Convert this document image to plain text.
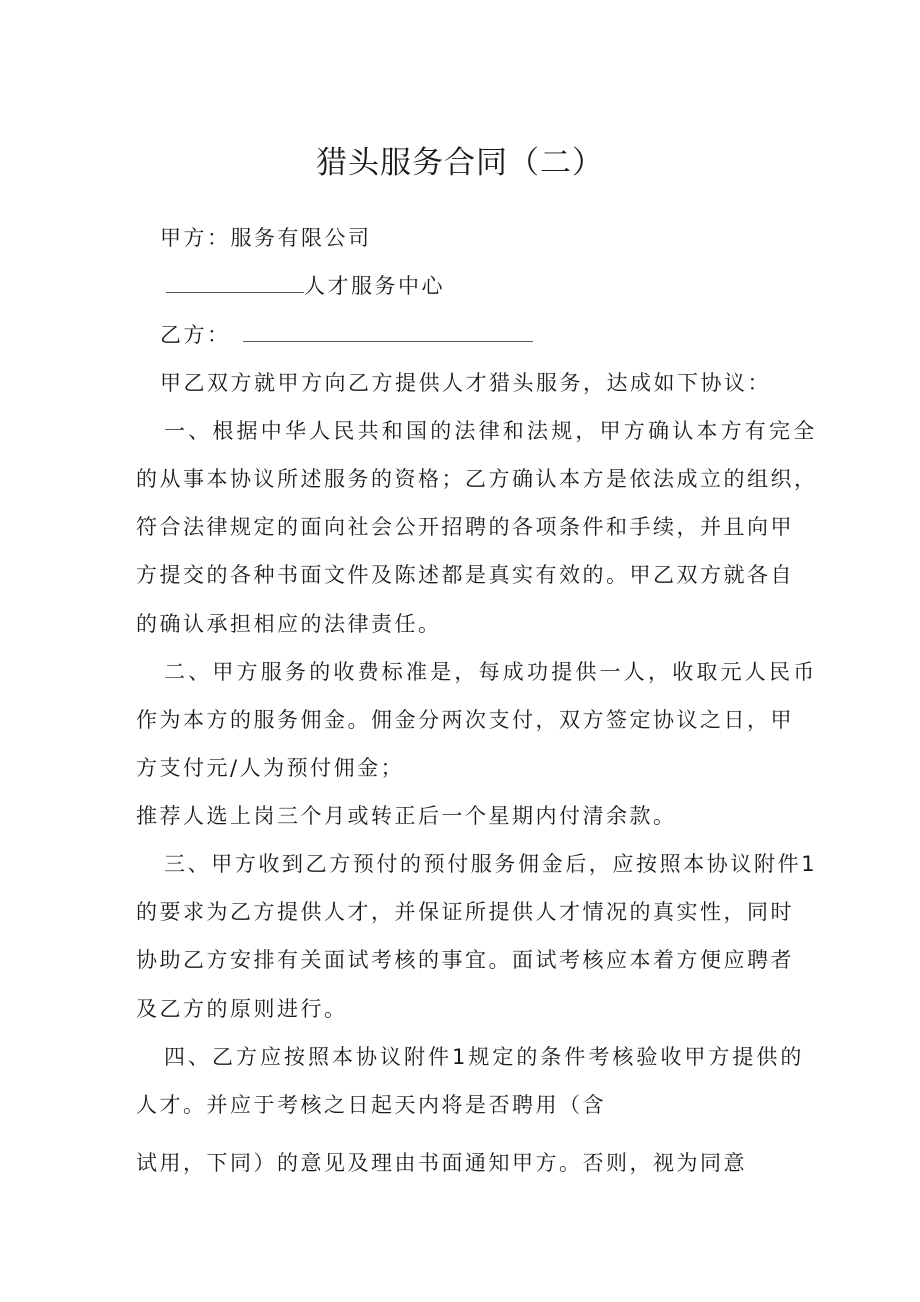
猎头服务合同（二）
甲方：服务有限公司
人才服务中心
乙方：
甲乙双方就甲方向乙方提供人才猎头服务，达成如下协议：
一、根据中华人民共和国的法律和法规，甲方确认本方有完全
的从事本协议所述服务的资格；乙方确认本方是依法成立的组织，
符合法律规定的面向社会公开招聘的各项条件和手续，并且向甲
方提交的各种书面文件及陈述都是真实有效的。甲乙双方就各自
的确认承担相应的法律责任。
二、甲方服务的收费标准是，每成功提供一人，收取元人民币
作为本方的服务佣金。佣金分两次支付，双方签定协议之日，甲
方支付元/人为预付佣金；
推荐人选上岗三个月或转正后一个星期内付清余款。
三、甲方收到乙方预付的预付服务佣金后，应按照本协议附件1
的要求为乙方提供人才，并保证所提供人才情况的真实性，同时
协助乙方安排有关面试考核的事宜。面试考核应本着方便应聘者
及乙方的原则进行。
四、乙方应按照本协议附件1规定的条件考核验收甲方提供的
人才。并应于考核之日起天内将是否聘用（含
试用，下同）的意见及理由书面通知甲方。否则，视为同意
